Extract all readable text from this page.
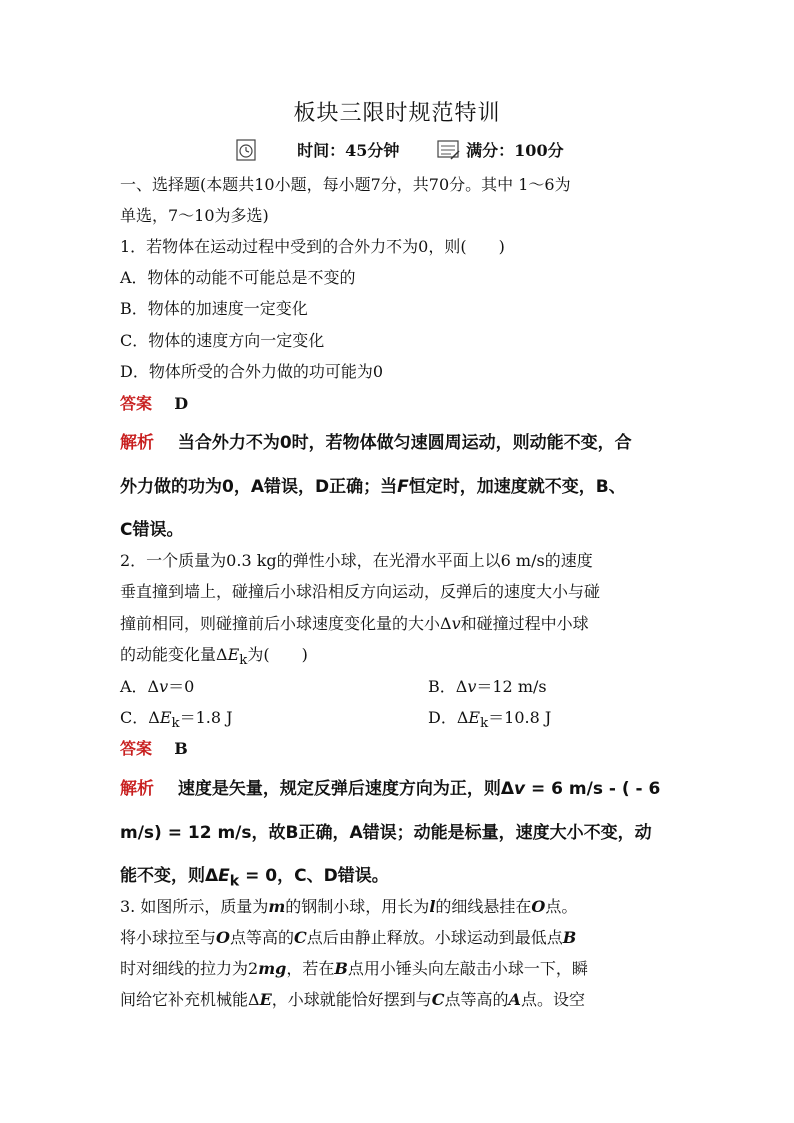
板块三限时规范特训
时间：45分钟	满分：100分
一、选择题(本题共10小题，每小题7分，共70分。其中 1～6为
单选，7～10为多选)
1．若物体在运动过程中受到的合外力不为0，则(　　)
A．物体的动能不可能总是不变的
B．物体的加速度一定变化
C．物体的速度方向一定变化
D．物体所受的合外力做的功可能为0
答案 D
解析 当合外力不为0时，若物体做匀速圆周运动，则动能不变，合
外力做的功为0，A错误，D正确；当F恒定时，加速度就不变，B、
C错误。
2．一个质量为0.3 kg的弹性小球，在光滑水平面上以6 m/s的速度
垂直撞到墙上，碰撞后小球沿相反方向运动，反弹后的速度大小与碰
撞前相同，则碰撞前后小球速度变化量的大小Δv和碰撞过程中小球
的动能变化量$\Delta E_k$为(　　)
A．Δv＝0	B．Δv＝12 m/s
C．$\Delta E_k=1.8$ J	D．$\Delta E_k=10.8$ J
答案 B
解析 速度是矢量，规定反弹后速度方向为正，则Δv = 6 m/s - ( - 6
m/s) = 12 m/s，故B正确，A错误；动能是标量，速度大小不变，动
能不变，则$\Delta E_k = 0$，C、D错误。
3. 如图所示，质量为m的钢制小球，用长为l的细线悬挂在O点。
将小球拉至与O点等高的C点后由静止释放。小球运动到最低点B
时对细线的拉力为2mg，若在B点用小锤头向左敲击小球一下，瞬
间给它补充机械能ΔE，小球就能恰好摆到与C点等高的A点。设空
